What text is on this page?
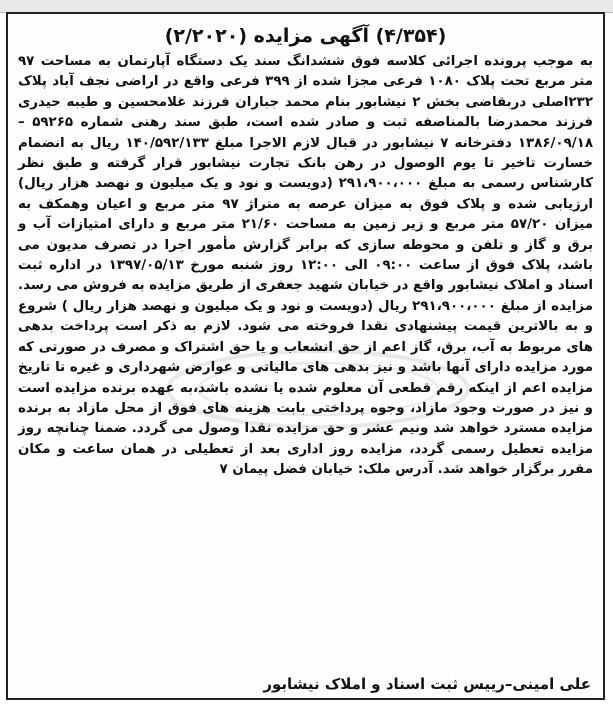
(۴/۳۵۴) آگهی مزایده (۲/۲۰۲۰)

به موجب پرونده اجرائی کلاسه فوق ششدانگ سند یک دستگاه آپارتمان به مساحت ۹۷ متر مربع تحت پلاک ۱۰۸۰ فرعی مجزا شده از ۳۹۹ فرعی واقع در اراضی نجف آباد پلاک ۲۳۲اصلی دربقاضی بخش ۲ نیشابور بنام محمد جباران فرزند غلامحسین و طیبه حیدری فرزند محمدرضا بالمناصفه ثبت و صادر شده است، طبق سند رهنی شماره ۵۹۲۶۵ – ۱۳۸۶/۰۹/۱۸ دفترخانه ۷ نیشابور در قبال لازم الاجرا مبلغ ۱۴۰/۵۹۲/۱۳۳ ریال به انضمام خسارت تاخیر تا یوم الوصول در رهن بانک تجارت نیشابور قرار گرفته و طبق نظر کارشناس رسمی به مبلغ ۲۹۱،۹۰۰،۰۰۰ (دویست و نود و یک میلیون و نهصد هزار ریال) ارزیابی شده و پلاک فوق به میزان عرصه به متراژ ۹۷ متر مربع و اعیان وهمکف به میزان ۵۷/۲۰ متر مربع و زیر زمین به مساحت ۲۱/۶۰ متر مربع و دارای امتیازات آب و برق و گاز و تلفن و محوطه سازی که برابر گزارش مأمور اجرا در تصرف مدیون می باشد، پلاک فوق از ساعت ۰۹:۰۰ الی ۱۲:۰۰ روز شنبه مورخ ۱۳۹۷/۰۵/۱۳ در اداره ثبت اسناد و املاک نیشابور واقع در خیابان شهید جعفری از طریق مزایده به فروش می رسد. مزایده از مبلغ ۲۹۱،۹۰۰،۰۰۰ ریال (دویست و نود و یک میلیون و نهصد هزار ریال ) شروع و به بالاترین قیمت پیشنهادی نقدا فروخته می شود. لازم به ذکر است پرداخت بدهی های مربوط به آب، برق، گاز اعم از حق انشعاب و یا حق اشتراک و مصرف در صورتی که مورد مزایده دارای آنها باشد و نیز بدهی های مالیاتی و عوارض شهرداری و غیره تا تاریخ مزایده اعم از اینکه رقم قطعی آن معلوم شده یا نشده باشد،به عهده برنده مزایده است و نیز در صورت وجود مازاد، وجوه پرداختی بابت هزینه های فوق از محل مازاد به برنده مزایده مسترد خواهد شد ونیم عشر و حق مزایده نقدا وصول می گردد. ضمنا چنانچه روز مزایده تعطیل رسمی گردد، مزایده روز اداری بعد از تعطیلی در همان ساعت و مکان مقرر برگزار خواهد شد. آدرس ملک: خیابان فضل پیمان ۷

علی امینی–رییس ثبت اسناد و املاک نیشابور
